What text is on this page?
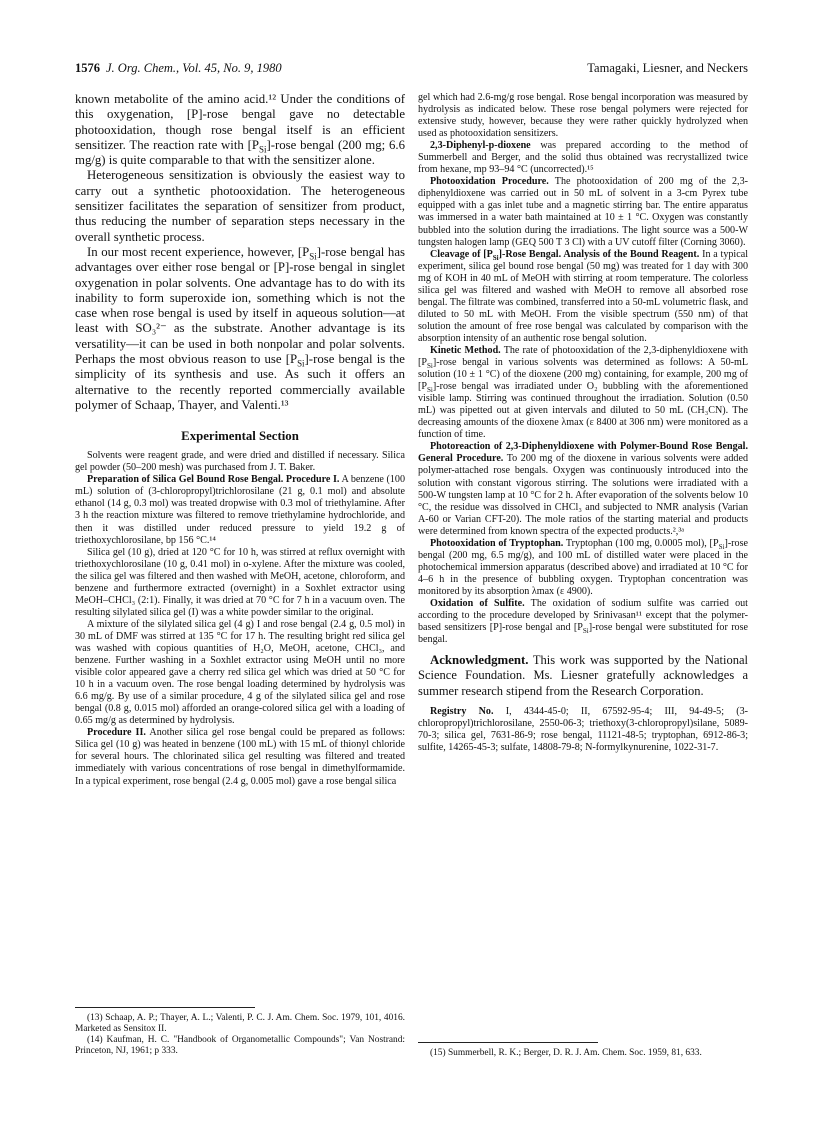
1576 J. Org. Chem., Vol. 45, No. 9, 1980	Tamagaki, Liesner, and Neckers

known metabolite of the amino acid.¹² Under the conditions of this oxygenation, [P]-rose bengal gave no detectable photooxidation, though rose bengal itself is an efficient sensitizer. The reaction rate with $[P_{Si}]$-rose bengal (200 mg; 6.6 mg/g) is quite comparable to that with the sensitizer alone.

Heterogeneous sensitization is obviously the easiest way to carry out a synthetic photooxidation. The heterogeneous sensitizer facilitates the separation of sensitizer from product, thus reducing the number of separation steps necessary in the overall synthetic process.

In our most recent experience, however, $[P_{Si}]$-rose bengal has advantages over either rose bengal or [P]-rose bengal in singlet oxygenation in polar solvents. One advantage has to do with its inability to form superoxide ion, something which is not the case when rose bengal is used by itself in aqueous solution—at least with SO₃²⁻ as the substrate. Another advantage is its versatility—it can be used in both nonpolar and polar solvents. Perhaps the most obvious reason to use $[P_{Si}]$-rose bengal is the simplicity of its synthesis and use. As such it offers an alternative to the recently reported commercially available polymer of Schaap, Thayer, and Valenti.¹³

Experimental Section

Solvents were reagent grade, and were dried and distilled if necessary. Silica gel powder (50–200 mesh) was purchased from J. T. Baker.

Preparation of Silica Gel Bound Rose Bengal. Procedure I. A benzene (100 mL) solution of (3-chloropropyl)trichlorosilane (21 g, 0.1 mol) and absolute ethanol (14 g, 0.3 mol) was treated dropwise with 0.3 mol of triethylamine. After 3 h the reaction mixture was filtered to remove triethylamine hydrochloride, and then it was distilled under reduced pressure to yield 19.2 g of triethoxychlorosilane, bp 156 °C.¹⁴

Silica gel (10 g), dried at 120 °C for 10 h, was stirred at reflux overnight with triethoxychlorosilane (10 g, 0.41 mol) in o-xylene. After the mixture was cooled, the silica gel was filtered and then washed with MeOH, acetone, chloroform, and benzene and furthermore extracted (overnight) in a Soxhlet extractor using MeOH–CHCl₃ (2:1). Finally, it was dried at 70 °C for 7 h in a vacuum oven. The resulting silylated silica gel (I) was a white powder similar to the original.

A mixture of the silylated silica gel (4 g) I and rose bengal (2.4 g, 0.5 mol) in 30 mL of DMF was stirred at 135 °C for 17 h. The resulting bright red silica gel was washed with copious quantities of H₂O, MeOH, acetone, CHCl₃, and benzene. Further washing in a Soxhlet extractor using MeOH until no more visible color appeared gave a cherry red silica gel which was dried at 50 °C for 10 h in a vacuum oven. The rose bengal loading determined by hydrolysis was 6.6 mg/g. By use of a similar procedure, 4 g of the silylated silica gel and rose bengal (0.8 g, 0.015 mol) afforded an orange-colored silica gel with a loading of 0.65 mg/g as determined by hydrolysis.

Procedure II. Another silica gel rose bengal could be prepared as follows: Silica gel (10 g) was heated in benzene (100 mL) with 15 mL of thionyl chloride for several hours. The chlorinated silica gel resulting was filtered and treated immediately with various concentrations of rose bengal in dimethylformamide. In a typical experiment, rose bengal (2.4 g, 0.005 mol) gave a rose bengal silica

(13) Schaap, A. P.; Thayer, A. L.; Valenti, P. C. J. Am. Chem. Soc. 1979, 101, 4016. Marketed as Sensitox II.

(14) Kaufman, H. C. "Handbook of Organometallic Compounds"; Van Nostrand: Princeton, NJ, 1961; p 333.

gel which had 2.6-mg/g rose bengal. Rose bengal incorporation was measured by hydrolysis as indicated below. These rose bengal polymers were rejected for extensive study, however, because they were rather quickly hydrolyzed when used as photooxidation sensitizers.

2,3-Diphenyl-p-dioxene was prepared according to the method of Summerbell and Berger, and the solid thus obtained was recrystallized twice from hexane, mp 93–94 °C (uncorrected).¹⁵

Photooxidation Procedure. The photooxidation of 200 mg of the 2,3-diphenyldioxene was carried out in 50 mL of solvent in a 3-cm Pyrex tube equipped with a gas inlet tube and a magnetic stirring bar. The entire apparatus was immersed in a water bath maintained at 10 ± 1 °C. Oxygen was constantly bubbled into the solution during the irradiations. The light source was a 500-W tungsten halogen lamp (GEQ 500 T 3 Cl) with a UV cutoff filter (Corning 3060).

Cleavage of $[P_{Si}]$-Rose Bengal. Analysis of the Bound Reagent. In a typical experiment, silica gel bound rose bengal (50 mg) was treated for 1 day with 300 mg of KOH in 40 mL of MeOH with stirring at room temperature. The colorless silica gel was filtered and washed with MeOH to remove all absorbed rose bengal. The filtrate was combined, transferred into a 50-mL volumetric flask, and diluted to 50 mL with MeOH. From the visible spectrum (550 nm) of that solution the amount of free rose bengal was calculated by comparison with the absorption intensity of an authentic rose bengal solution.

Kinetic Method. The rate of photooxidation of the 2,3-diphenyldioxene with $[P_{Si}]$-rose bengal in various solvents was determined as follows: A 50-mL solution (10 ± 1 °C) of the dioxene (200 mg) containing, for example, 200 mg of $[P_{Si}]$-rose bengal was irradiated under O₂ bubbling with the aforementioned visible lamp. Stirring was continued throughout the irradiation. Solution (0.50 mL) was pipetted out at given intervals and diluted to 50 mL (CH₃CN). The decreasing amounts of the dioxene λmax (ε 8400 at 306 nm) were monitored as a function of time.

Photoreaction of 2,3-Diphenyldioxene with Polymer-Bound Rose Bengal. General Procedure. To 200 mg of the dioxene in various solvents were added polymer-attached rose bengals. Oxygen was continuously introduced into the solution with constant vigorous stirring. The solutions were irradiated with a 500-W tungsten lamp at 10 °C for 2 h. After evaporation of the solvents below 10 °C, the residue was dissolved in CHCl₃ and subjected to NMR analysis (Varian A-60 or Varian CFT-20). The mole ratios of the starting material and products were determined from known spectra of the expected products.²,³ᵃ

Photooxidation of Tryptophan. Tryptophan (100 mg, 0.0005 mol), $[P_{Si}]$-rose bengal (200 mg, 6.5 mg/g), and 100 mL of distilled water were placed in the photochemical immersion apparatus (described above) and irradiated at 10 °C for 4–6 h in the presence of bubbling oxygen. Tryptophan concentration was monitored by its absorption λmax (ε 4900).

Oxidation of Sulfite. The oxidation of sodium sulfite was carried out according to the procedure developed by Srinivasan¹¹ except that the polymer-based sensitizers [P]-rose bengal and $[P_{Si}]$-rose bengal were substituted for rose bengal.

Acknowledgment. This work was supported by the National Science Foundation. Ms. Liesner gratefully acknowledges a summer research stipend from the Research Corporation.

Registry No. I, 4344-45-0; II, 67592-95-4; III, 94-49-5; (3-chloropropyl)trichlorosilane, 2550-06-3; triethoxy(3-chloropropyl)silane, 5089-70-3; silica gel, 7631-86-9; rose bengal, 11121-48-5; tryptophan, 6912-86-3; sulfite, 14265-45-3; sulfate, 14808-79-8; N-formylkynurenine, 1022-31-7.

(15) Summerbell, R. K.; Berger, D. R. J. Am. Chem. Soc. 1959, 81, 633.
